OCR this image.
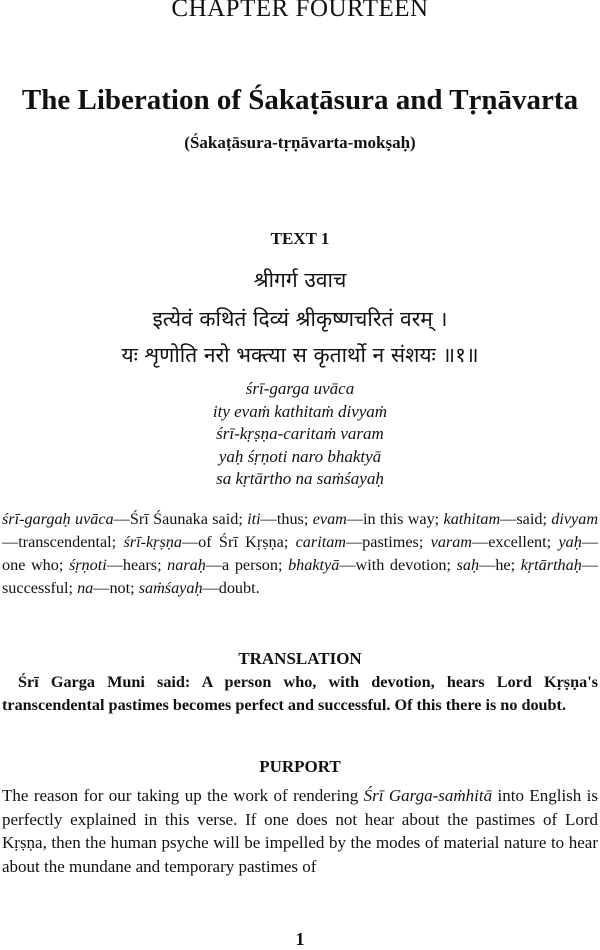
CHAPTER FOURTEEN
The Liberation of Śakaṭāsura and Tṛṇāvarta
(Śakaṭāsura-tṛṇāvarta-mokṣaḥ)
TEXT 1
श्रीगर्ग उवाच
इत्येवं कथितं दिव्यं श्रीकृष्णचरितं वरम् ।
यः शृणोति नरो भक्त्या स कृतार्थो न संशयः ॥१॥
śrī-garga uvāca
ity evaṁ kathitaṁ divyaṁ
śrī-kṛṣṇa-caritaṁ varam
yaḥ śṛṇoti naro bhaktyā
sa kṛtārtho na saṁśayaḥ
śrī-gargaḥ uvāca—Śrī Śaunaka said; iti—thus; evam—in this way; kathitam—said; divyam—transcendental; śrī-kṛṣṇa—of Śrī Kṛṣṇa; caritam—pastimes; varam—excellent; yaḥ—one who; śṛṇoti—hears; naraḥ—a person; bhaktyā—with devotion; saḥ—he; kṛtārthaḥ—successful; na—not; saṁśayaḥ—doubt.
TRANSLATION
Śrī Garga Muni said: A person who, with devotion, hears Lord Kṛṣṇa's transcendental pastimes becomes perfect and successful. Of this there is no doubt.
PURPORT
The reason for our taking up the work of rendering Śrī Garga-saṁhitā into English is perfectly explained in this verse. If one does not hear about the pastimes of Lord Kṛṣṇa, then the human psyche will be impelled by the modes of material nature to hear about the mundane and temporary pastimes of
1
